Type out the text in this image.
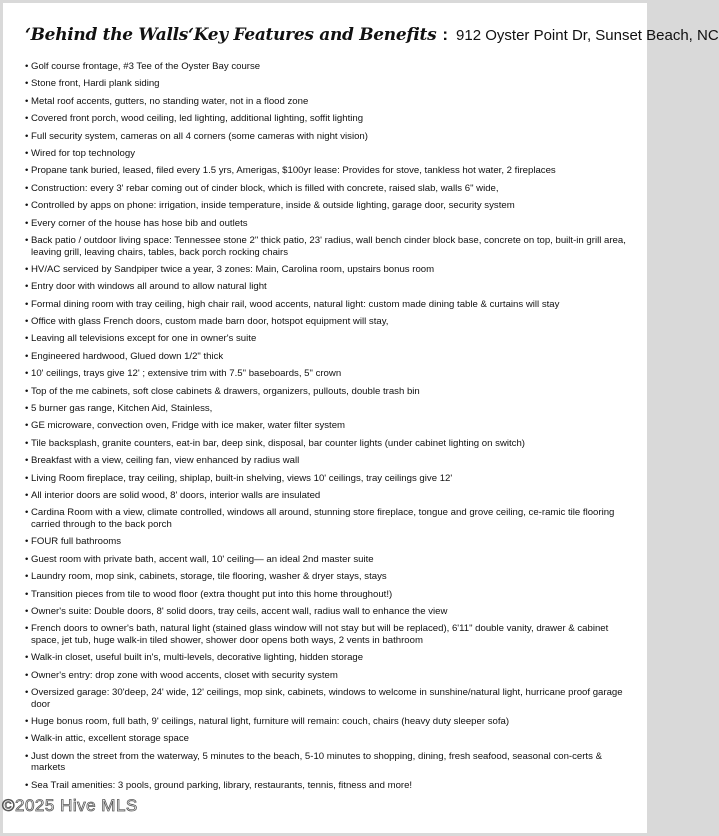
‘Behind the Walls‘ Key Features and Benefits : 912 Oyster Point Dr, Sunset Beach, NC
• Golf course frontage, #3 Tee of the Oyster Bay course
• Stone front, Hardi plank siding
• Metal roof accents, gutters, no standing water, not in a flood zone
• Covered front porch, wood ceiling, led lighting, additional lighting, soffit lighting
• Full security system, cameras on all 4 corners (some cameras with night vision)
• Wired for top technology
• Propane tank buried, leased, filed every 1.5 yrs, Amerigas, $100yr lease: Provides for stove, tankless hot water, 2 fireplaces
• Construction: every 3' rebar coming out of cinder block, which is filled with concrete, raised slab, walls 6" wide,
• Controlled by apps on phone: irrigation, inside temperature, inside & outside lighting, garage door, security system
• Every corner of the house has hose bib and outlets
• Back patio / outdoor living space: Tennessee stone 2" thick patio, 23' radius, wall bench cinder block base, concrete on top, built-in grill area, leaving grill, leaving chairs, tables, back porch rocking chairs
• HV/AC serviced by Sandpiper twice a year, 3 zones: Main, Carolina room, upstairs bonus room
• Entry door with windows all around to allow natural light
• Formal dining room with tray ceiling, high chair rail, wood accents, natural light: custom made dining table & curtains will stay
• Office with glass French doors, custom made barn door, hotspot equipment will stay,
• Leaving all televisions except for one in owner's suite
• Engineered hardwood, Glued down 1/2" thick
• 10' ceilings, trays give 12' ; extensive trim with 7.5" baseboards, 5" crown
• Top of the me cabinets, soft close cabinets & drawers, organizers, pullouts, double trash bin
• 5 burner gas range, Kitchen Aid, Stainless,
• GE microware, convection oven, Fridge with ice maker, water filter system
• Tile backsplash, granite counters, eat-in bar, deep sink, disposal, bar counter lights (under cabinet lighting on switch)
• Breakfast with a view, ceiling fan, view enhanced by radius wall
• Living Room fireplace, tray ceiling, shiplap, built-in shelving, views 10' ceilings, tray ceilings give 12'
• All interior doors are solid wood, 8' doors, interior walls are insulated
• Cardina Room with a view, climate controlled, windows all around, stunning store fireplace, tongue and grove ceiling, ce-ramic tile flooring carried through to the back porch
• FOUR full bathrooms
• Guest room with private bath, accent wall, 10' ceiling— an ideal 2nd master suite
• Laundry room, mop sink, cabinets, storage, tile flooring, washer & dryer stays, stays
• Transition pieces from tile to wood floor (extra thought put into this home throughout!)
• Owner's suite: Double doors, 8' solid doors, tray ceils, accent wall, radius wall to enhance the view
• French doors to owner's bath, natural light (stained glass window will not stay but will be replaced), 6'11" double vanity, drawer & cabinet space, jet tub, huge walk-in tiled shower, shower door opens both ways, 2 vents in bathroom
• Walk-in closet, useful built in's, multi-levels, decorative lighting, hidden storage
• Owner's entry: drop zone with wood accents, closet with security system
• Oversized garage: 30'deep, 24' wide, 12' ceilings, mop sink, cabinets, windows to welcome in sunshine/natural light, hurricane proof garage door
• Huge bonus room, full bath, 9' ceilings, natural light, furniture will remain: couch, chairs (heavy duty sleeper sofa)
• Walk-in attic, excellent storage space
• Just down the street from the waterway, 5 minutes to the beach, 5-10 minutes to shopping, dining, fresh seafood, seasonal con-certs & markets
• Sea Trail amenities: 3 pools, ground parking, library, restaurants, tennis, fitness and more!
